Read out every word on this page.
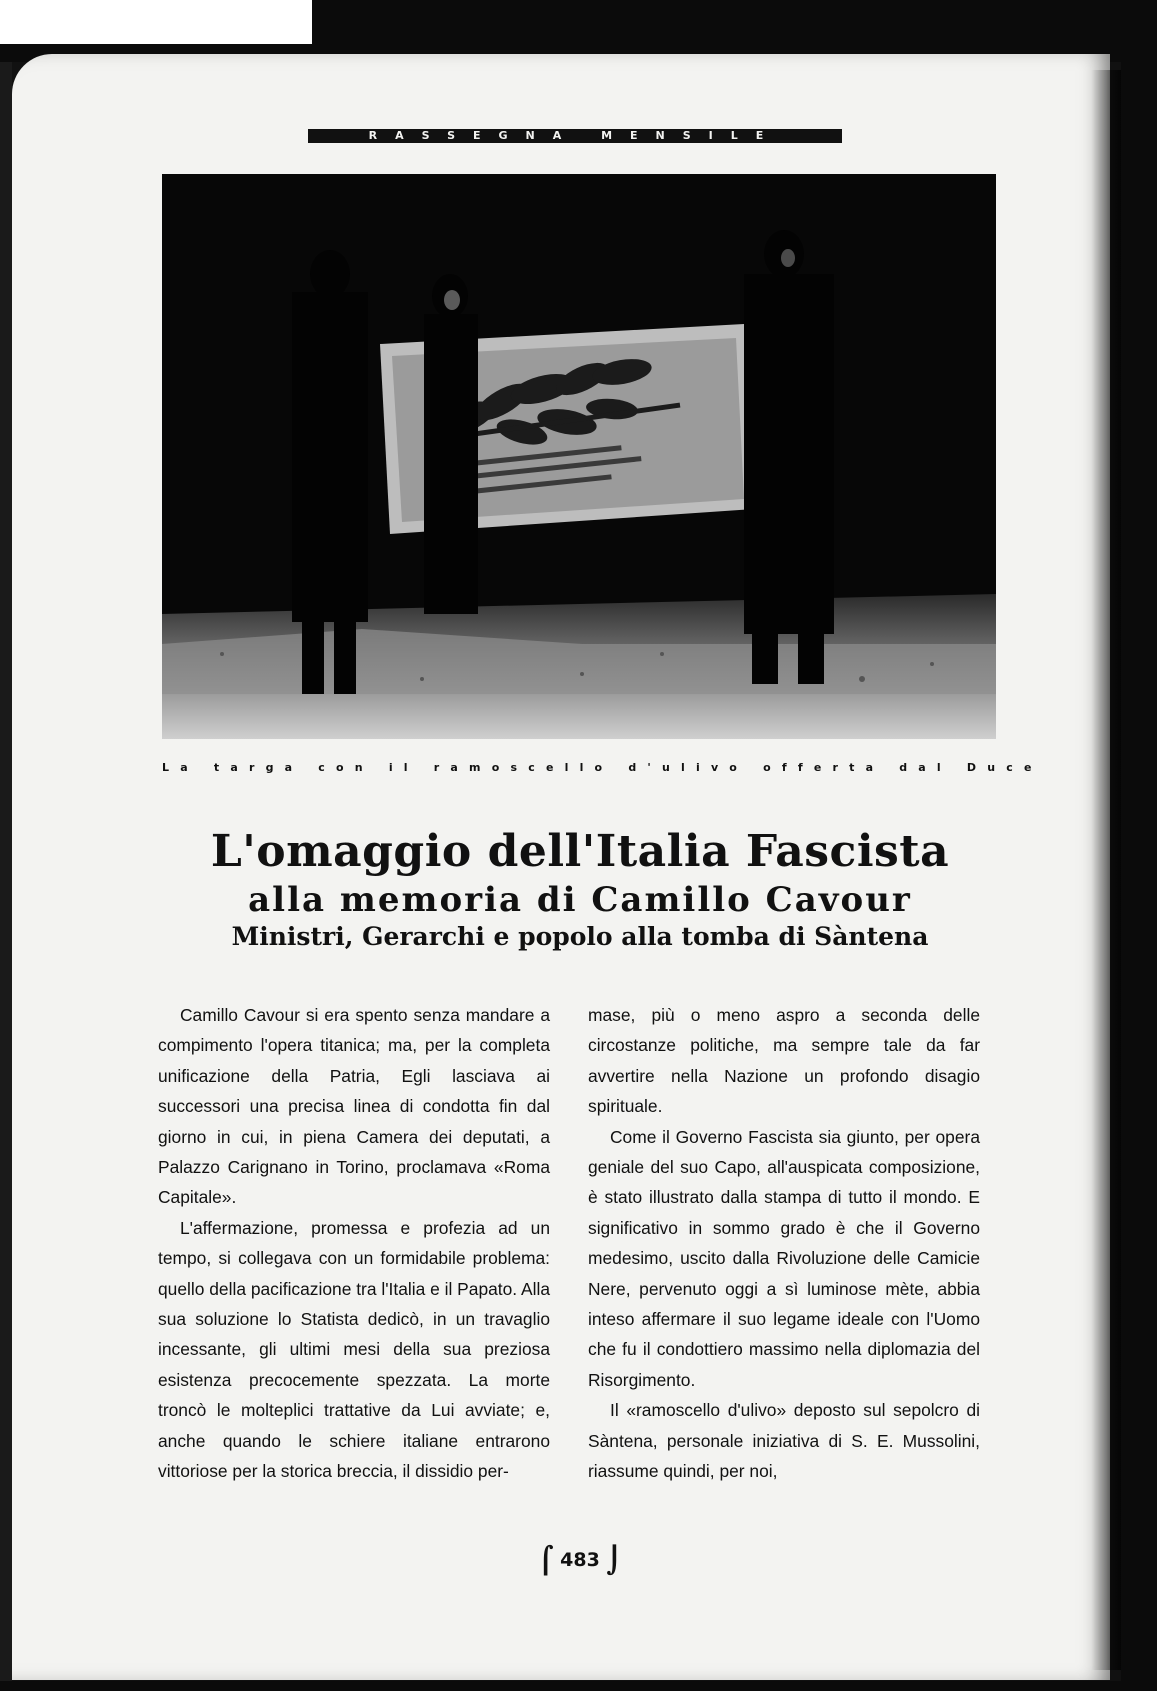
RASSEGNA MENSILE
La targa con il ramoscello d'ulivo offerta dal Duce
L'omaggio dell'Italia Fascista
alla memoria di Camillo Cavour
Ministri, Gerarchi e popolo alla tomba di Sàntena

Camillo Cavour si era spento senza mandare a compimento l'opera titanica; ma, per la completa unificazione della Patria, Egli lasciava ai successori una precisa linea di condotta fin dal giorno in cui, in piena Camera dei deputati, a Palazzo Carignano in Torino, proclamava «Roma Capitale».

L'affermazione, promessa e profezia ad un tempo, si collegava con un formidabile problema: quello della pacificazione tra l'Italia e il Papato. Alla sua soluzione lo Statista dedicò, in un travaglio incessante, gli ultimi mesi della sua preziosa esistenza precocemente spezzata. La morte troncò le molteplici trattative da Lui avviate; e, anche quando le schiere italiane entrarono vittoriose per la storica breccia, il dissidio per-

mase, più o meno aspro a seconda delle circostanze politiche, ma sempre tale da far avvertire nella Nazione un profondo disagio spirituale.

Come il Governo Fascista sia giunto, per opera geniale del suo Capo, all'auspicata composizione, è stato illustrato dalla stampa di tutto il mondo. E significativo in sommo grado è che il Governo medesimo, uscito dalla Rivoluzione delle Camicie Nere, pervenuto oggi a sì luminose mète, abbia inteso affermare il suo legame ideale con l'Uomo che fu il condottiero massimo nella diplomazia del Risorgimento.

Il «ramoscello d'ulivo» deposto sul sepolcro di Sàntena, personale iniziativa di S. E. Mussolini, riassume quindi, per noi,

⌠ 483 ⌡
